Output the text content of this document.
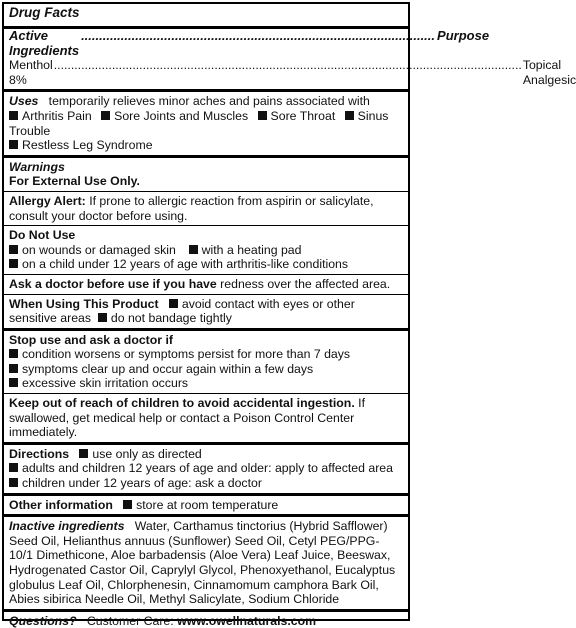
Drug Facts
Active Ingredients
.................................................................................................. Purpose
Menthol 8%
......................................................................................................................................... Topical Analgesic

Uses temporarily relieves minor aches and pains associated with

Arthritis Pain Sore Joints and Muscles Sore Throat Sinus Trouble

Restless Leg Syndrome

Warnings

For External Use Only.

Allergy Alert: If prone to allergic reaction from aspirin or salicylate, consult your doctor before using.

Do Not Use

on wounds or damaged skin with a heating pad

on a child under 12 years of age with arthritis-like conditions

Ask a doctor before use if you have redness over the affected area.

When Using This Product avoid contact with eyes or other sensitive areas do not bandage tightly

Stop use and ask a doctor if

condition worsens or symptoms persist for more than 7 days

symptoms clear up and occur again within a few days

excessive skin irritation occurs

Keep out of reach of children to avoid accidental ingestion. If swallowed, get medical help or contact a Poison Control Center immediately.

Directions use only as directed

adults and children 12 years of age and older: apply to affected area

children under 12 years of age: ask a doctor

Other information store at room temperature

Inactive ingredients Water, Carthamus tinctorius (Hybrid Safflower) Seed Oil, Helianthus annuus (Sunflower) Seed Oil, Cetyl PEG/PPG-10/1 Dimethicone, Aloe barbadensis (Aloe Vera) Leaf Juice, Beeswax, Hydrogenated Castor Oil, Caprylyl Glycol, Phenoxyethanol, Eucalyptus globulus Leaf Oil, Chlorphenesin, Cinnamomum camphora Bark Oil, Abies sibirica Needle Oil, Methyl Salicylate, Sodium Chloride

Questions? Customer Care: www.owellnaturals.com
